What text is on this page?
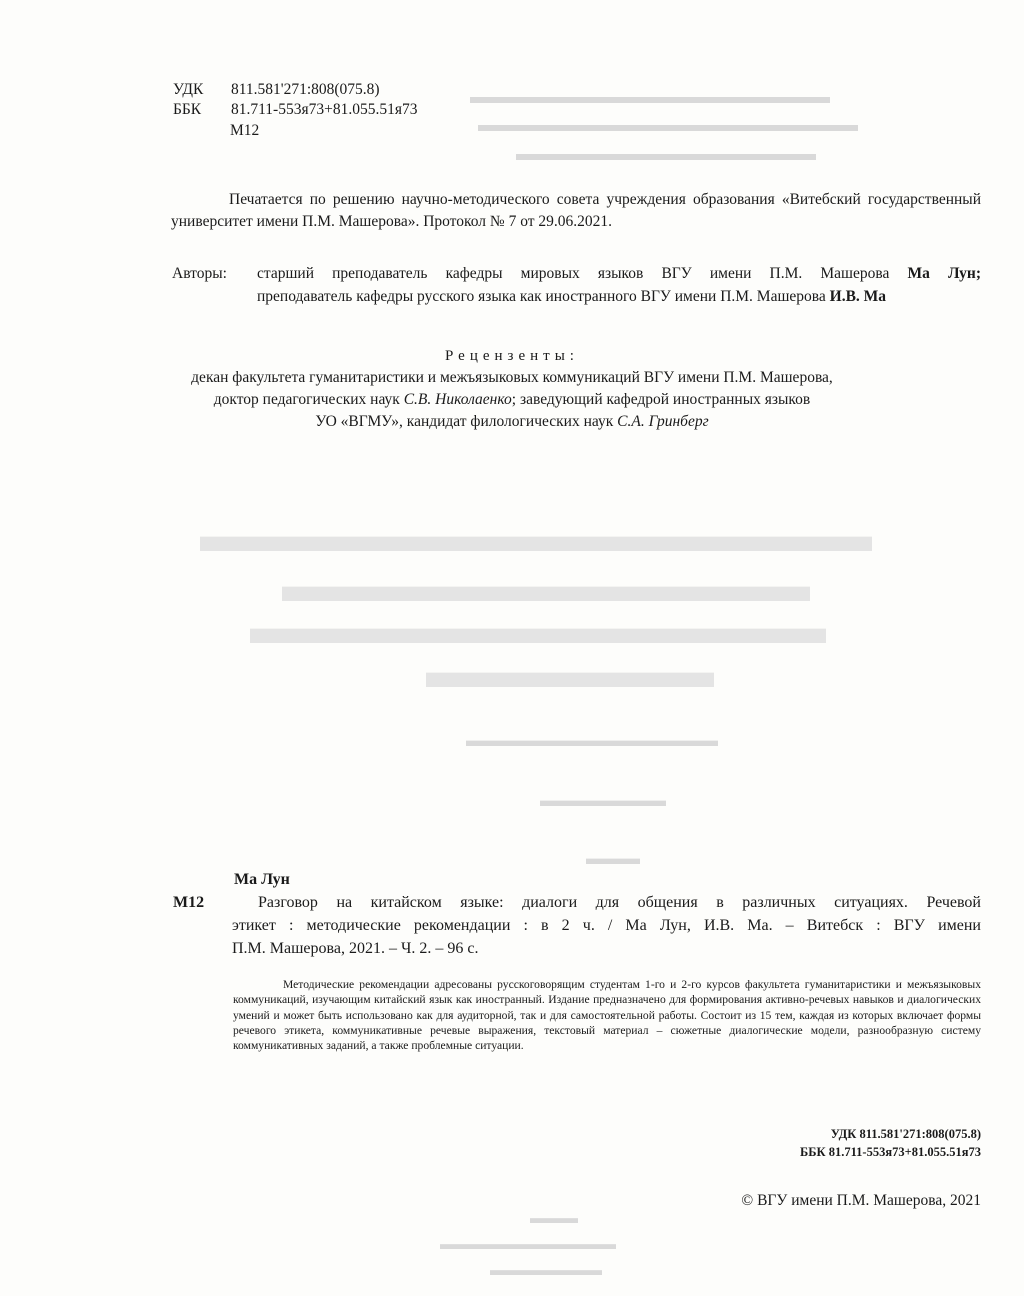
▬▬▬▬▬▬▬▬▬▬▬▬▬▬▬▬▬▬
▬▬▬▬▬▬▬▬▬▬▬▬▬▬▬▬▬▬▬
▬▬▬▬▬▬▬▬▬▬▬▬▬▬▬
▬▬▬▬▬▬▬▬▬▬▬▬▬▬
▬▬▬▬▬▬▬▬▬▬▬
▬▬▬▬▬▬▬▬▬▬▬▬
▬▬▬▬▬▬
▬▬▬▬▬▬▬▬▬▬▬▬▬▬
▬▬▬▬▬▬▬
▬▬▬
▬▬▬
▬▬▬▬▬▬▬▬▬▬▬
▬▬▬▬▬▬▬
УДК 811.581'271:808(075.8)
ББК 81.711-553я73+81.055.51я73
М12
Печатается по решению научно-методического совета учреждения образования «Витебский государственный университет имени П.М. Машерова». Протокол № 7 от 29.06.2021.
Авторы: старший преподаватель кафедры мировых языков ВГУ имени П.М. Машерова Ма Лун;
преподаватель кафедры русского языка как иностранного ВГУ имени П.М. Машерова И.В. Ма
Рецензенты:
декан факультета гуманитаристики и межъязыковых коммуникаций ВГУ имени П.М. Машерова,
доктор педагогических наук С.В. Николаенко; заведующий кафедрой иностранных языков
УО «ВГМУ», кандидат филологических наук С.А. Гринберг
Ма Лун
М12	Разговор на китайском языке: диалоги для общения в различных ситуациях. Речевой
этикет : методические рекомендации : в 2 ч. / Ма Лун, И.В. Ма. – Витебск : ВГУ имени
П.М. Машерова, 2021. – Ч. 2. – 96 с.
Методические рекомендации адресованы русскоговорящим студентам 1-го и 2-го курсов факультета гуманитаристики и межъязыковых коммуникаций, изучающим китайский язык как иностранный. Издание предназначено для формирования активно-речевых навыков и диалогических умений и может быть использовано как для аудиторной, так и для самостоятельной работы. Состоит из 15 тем, каждая из которых включает формы речевого этикета, коммуникативные речевые выражения, текстовый материал – сюжетные диалогические модели, разнообразную систему коммуникативных заданий, а также проблемные ситуации.
УДК 811.581'271:808(075.8)
ББК 81.711-553я73+81.055.51я73
© ВГУ имени П.М. Машерова, 2021
